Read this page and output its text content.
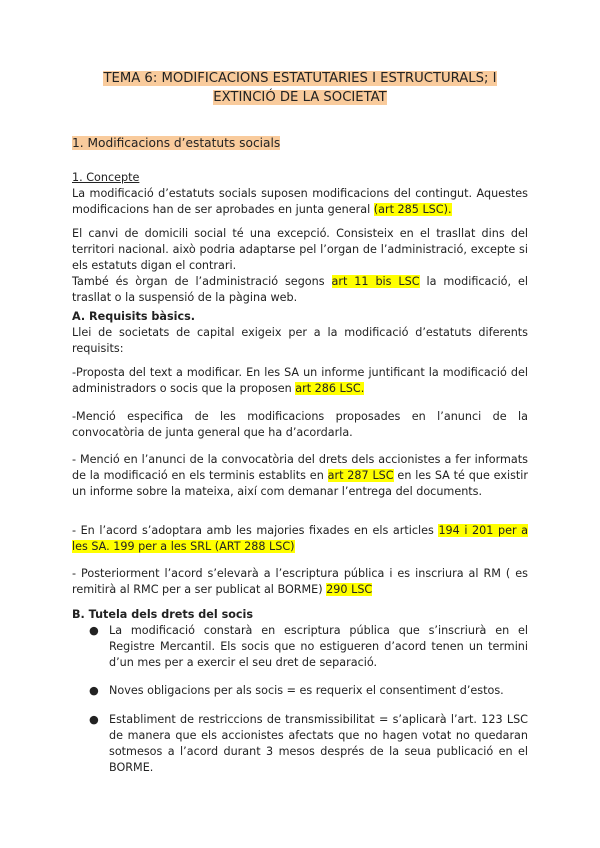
TEMA 6: MODIFICACIONS ESTATUTARIES I ESTRUCTURALS; I
EXTINCIÓ DE LA SOCIETAT
1. Modificacions d’estatuts socials

1. Concepte

La modificació d’estatuts socials suposen modificacions del contingut. Aquestes modificacions han de ser aprobades en junta general (art 285 LSC).

El canvi de domicili social té una excepció. Consisteix en el trasllat dins del territori nacional. això podria adaptarse pel l’organ de l’administració, excepte si els estatuts digan el contrari.

També és òrgan de l’administració segons art 11 bis LSC la modificació, el trasllat o la suspensió de la pàgina web.

A. Requisits bàsics.

Llei de societats de capital exigeix per a la modificació d’estatuts diferents requisits:

-Proposta del text a modificar. En les SA un informe juntificant la modificació del administradors o socis que la proposen art 286 LSC.

-Menció especifica de les modificacions proposades en l’anunci de la convocatòria de junta general que ha d’acordarla.

- Menció en l’anunci de la convocatòria del drets dels accionistes a fer informats de la modificació en els terminis establits en art 287 LSC en les SA té que existir un informe sobre la mateixa, així com demanar l’entrega del documents.

- En l’acord s’adoptara amb les majories fixades en els articles 194 i 201 per a les SA. 199 per a les SRL (ART 288 LSC)

- Posteriorment l’acord s’elevarà a l’escriptura pública i es inscriura al RM ( es remitirà al RMC per a ser publicat al BORME) 290 LSC

B. Tutela dels drets del socis

● La modificació constarà en escriptura pública que s’inscriurà en el Registre Mercantil. Els socis que no estigueren d’acord tenen un termini d’un mes per a exercir el seu dret de separació.
● Noves obligacions per als socis = es requerix el consentiment d’estos.
● Establiment de restriccions de transmissibilitat = s’aplicarà l’art. 123 LSC de manera que els accionistes afectats que no hagen votat no quedaran sotmesos a l’acord durant 3 mesos després de la seua publicació en el BORME.
